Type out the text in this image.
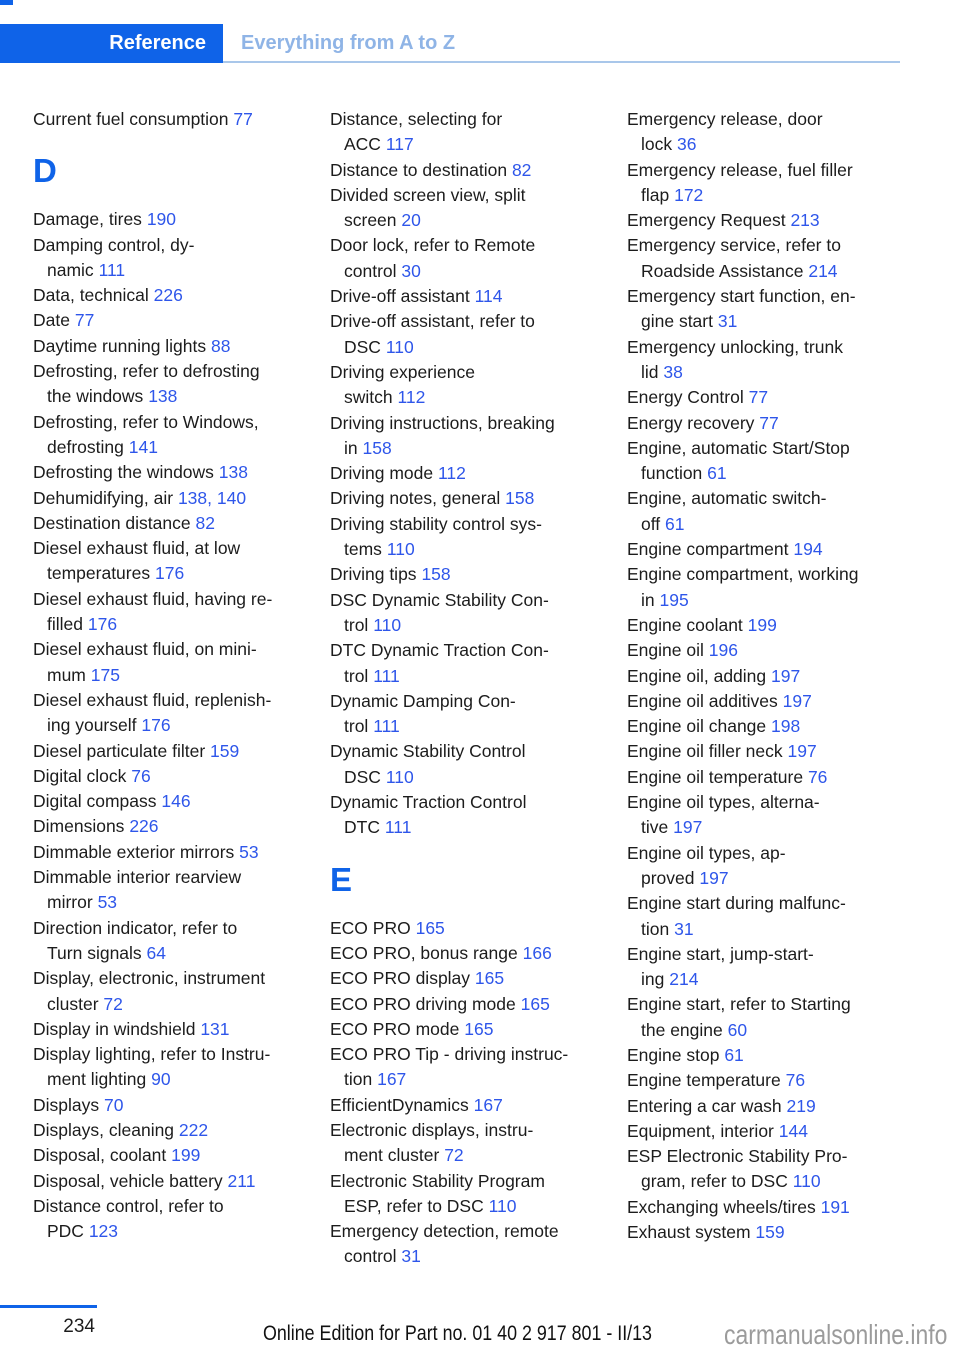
Reference Everything from A to Z
Current fuel consumption 77
D
Damage, tires 190
Damping control, dy-
namic 111
Data, technical 226
Date 77
Daytime running lights 88
Defrosting, refer to defrosting
the windows 138
Defrosting, refer to Windows,
defrosting 141
Defrosting the windows 138
Dehumidifying, air 138, 140
Destination distance 82
Diesel exhaust fluid, at low
temperatures 176
Diesel exhaust fluid, having re-
filled 176
Diesel exhaust fluid, on mini-
mum 175
Diesel exhaust fluid, replenish-
ing yourself 176
Diesel particulate filter 159
Digital clock 76
Digital compass 146
Dimensions 226
Dimmable exterior mirrors 53
Dimmable interior rearview
mirror 53
Direction indicator, refer to
Turn signals 64
Display, electronic, instrument
cluster 72
Display in windshield 131
Display lighting, refer to Instru-
ment lighting 90
Displays 70
Displays, cleaning 222
Disposal, coolant 199
Disposal, vehicle battery 211
Distance control, refer to
PDC 123
Distance, selecting for
ACC 117
Distance to destination 82
Divided screen view, split
screen 20
Door lock, refer to Remote
control 30
Drive-off assistant 114
Drive-off assistant, refer to
DSC 110
Driving experience
switch 112
Driving instructions, breaking
in 158
Driving mode 112
Driving notes, general 158
Driving stability control sys-
tems 110
Driving tips 158
DSC Dynamic Stability Con-
trol 110
DTC Dynamic Traction Con-
trol 111
Dynamic Damping Con-
trol 111
Dynamic Stability Control
DSC 110
Dynamic Traction Control
DTC 111
E
ECO PRO 165
ECO PRO, bonus range 166
ECO PRO display 165
ECO PRO driving mode 165
ECO PRO mode 165
ECO PRO Tip - driving instruc-
tion 167
EfficientDynamics 167
Electronic displays, instru-
ment cluster 72
Electronic Stability Program
ESP, refer to DSC 110
Emergency detection, remote
control 31
Emergency release, door
lock 36
Emergency release, fuel filler
flap 172
Emergency Request 213
Emergency service, refer to
Roadside Assistance 214
Emergency start function, en-
gine start 31
Emergency unlocking, trunk
lid 38
Energy Control 77
Energy recovery 77
Engine, automatic Start/Stop
function 61
Engine, automatic switch-
off 61
Engine compartment 194
Engine compartment, working
in 195
Engine coolant 199
Engine oil 196
Engine oil, adding 197
Engine oil additives 197
Engine oil change 198
Engine oil filler neck 197
Engine oil temperature 76
Engine oil types, alterna-
tive 197
Engine oil types, ap-
proved 197
Engine start during malfunc-
tion 31
Engine start, jump-start-
ing 214
Engine start, refer to Starting
the engine 60
Engine stop 61
Engine temperature 76
Entering a car wash 219
Equipment, interior 144
ESP Electronic Stability Pro-
gram, refer to DSC 110
Exchanging wheels/tires 191
Exhaust system 159
234	Online Edition for Part no. 01 40 2 917 801 - II/13	carmanualsonline.info
